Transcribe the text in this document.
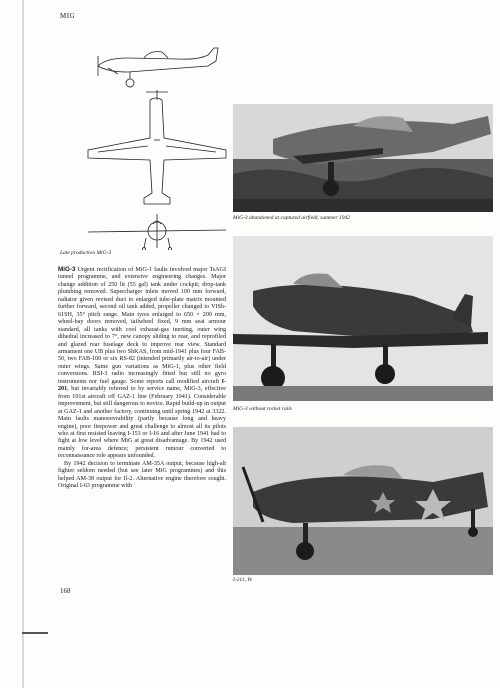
MIG
Late production MiG-3
MiG-3 abandoned at captured airfield, summer 1942
MiG-3 without rocket rails
I-211, Ye

MiG-3 Urgent rectification of MiG-1 faults involved major TsAGI tunnel programme, and extensive engineering changes. Major change addition of 250 lit (55 gal) tank under cockpit; drop-tank plumbing removed. Supercharger inlets moved 100 mm forward, radiator given revised duct to enlarged tube-plate matrix mounted further forward, second oil tank added, propeller changed to VISh-61SH, 35° pitch range. Main tyres enlarged to 650 × 200 mm, wheel-bay doors removed, tailwheel fixed, 9 mm seat armour standard, all tanks with cool exhaust-gas inerting, outer wing dihedral increased to 7°, new canopy sliding to rear, and reprofiled and glazed rear fuselage deck to improve rear view. Standard armament one UB plus two ShKAS, from mid-1941 plus four FAB-50, two FAB-100 or six RS-82 (intended primarily air-to-air) under outer wings. Same gun variations as MiG-1, plus other field conversions. RSI-3 radio increasingly fitted but still no gyro instruments nor fuel gauge. Some reports call modified aircraft I-201, but invariably referred to by service name, MiG-3, effective from 101st aircraft off GAZ-1 line (February 1941). Considerable improvement, but still dangerous to novice. Rapid build-up in output at GAZ-1 and another factory, continuing until spring 1942 at 3322. Main faults manoeuvrability (partly because long and heavy engine), poor firepower and great challenge to almost all its pilots who at first resisted leaving I-153 or I-16 and after June 1941 had to fight at low level where MiG at great disadvantage. By 1942 used mainly for-area defence; persistent rumour converted to reconnaissance role appears unfounded.

By 1942 decision to terminate AM-35A output, because high-alt fighter seldom needed (but see later MiG programmes) and this helped AM-38 output for Il-2. Alternative engine therefore sought. Original I-63 programme with

168
